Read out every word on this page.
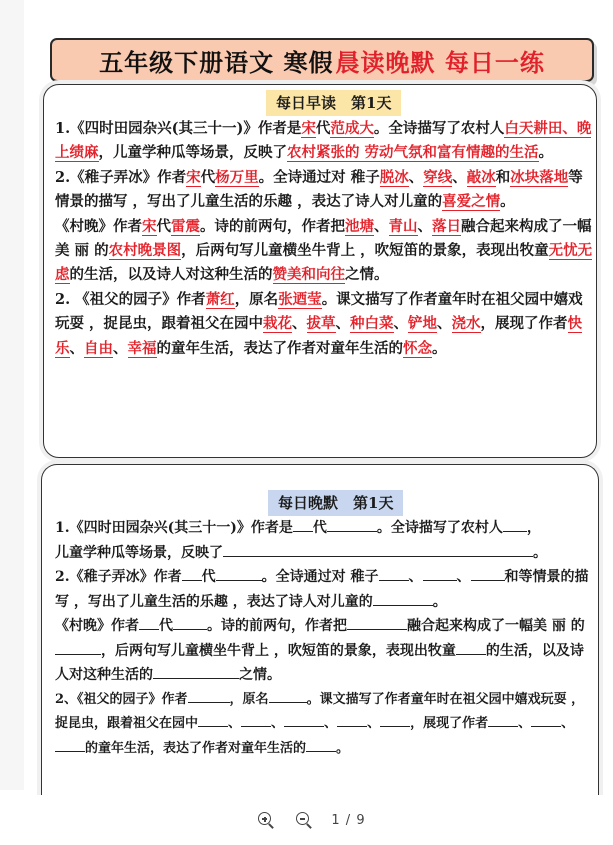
五年级下册语文 寒假 晨读晚默 每日一练
每日早读　第1天

1.《四时田园杂兴(其三十一)》作者是宋代范成大。全诗描写了农村人白天耕田、晚上绩麻，儿童学种瓜等场景，反映了农村紧张的 劳动气氛和富有情趣的生活。

2.《稚子弄冰》作者宋代杨万里。全诗通过对 稚子脱冰、穿线、敲冰和冰块落地等情景的描写 ，写出了儿童生活的乐趣 ，表达了诗人对儿童的喜爱之情。

《村晚》作者宋代雷震。诗的前两句，作者把池塘、青山、落日融合起来构成了一幅美 丽 的农村晚景图，后两句写儿童横坐牛背上 ，吹短笛的景象，表现出牧童无忧无虑的生活，以及诗人对这种生活的赞美和向往之情。

2. 《祖父的园子》作者萧红，原名张迺莹。课文描写了作者童年时在祖父园中嬉戏玩耍 ，捉昆虫，跟着祖父在园中栽花、拔草、种白菜、铲地、浇水，展现了作者快乐、自由、幸福的童年生活，表达了作者对童年生活的怀念。

每日晚默　第1天

1.《四时田园杂兴(其三十一)》作者是 代	。全诗描写了农村人 ，
儿童学种瓜等场景，反映了	。

2.《稚子弄冰》作者 代	。全诗通过对 稚子 、 、 和等情景的描写 ，写出了儿童生活的乐趣 ，表达了诗人对儿童的	。

《村晚》作者 代 。诗的前两句，作者把	融合起来构成了一幅美 丽 的，后两句写儿童横坐牛背上 ，吹短笛的景象，表现出牧童 的生活，以及诗人对这种生活的	之情。

2、《祖父的园子》作者	，原名	。课文描写了作者童年时在祖父园中嬉戏玩耍 ，捉昆虫，跟着祖父在园中 、 、	、 、 ，展现了作者 、 、的童年生活，表达了作者对童年生活的 。

1 / 9
